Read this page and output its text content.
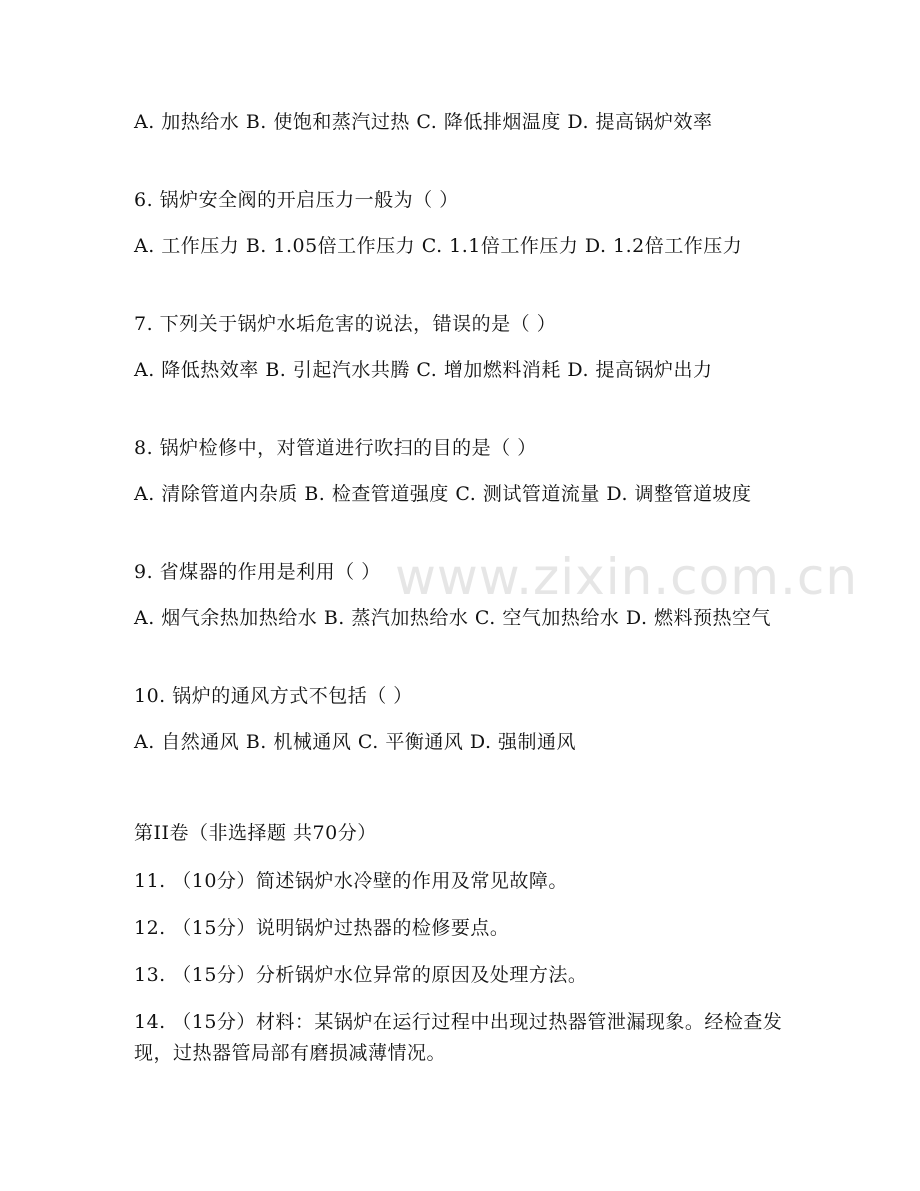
www.zixin.com.cn
A. 加热给水 B. 使饱和蒸汽过热 C. 降低排烟温度 D. 提高锅炉效率
6. 锅炉安全阀的开启压力一般为（ ）
A. 工作压力 B. 1.05倍工作压力 C. 1.1倍工作压力 D. 1.2倍工作压力
7. 下列关于锅炉水垢危害的说法，错误的是（ ）
A. 降低热效率 B. 引起汽水共腾 C. 增加燃料消耗 D. 提高锅炉出力
8. 锅炉检修中，对管道进行吹扫的目的是（ ）
A. 清除管道内杂质 B. 检查管道强度 C. 测试管道流量 D. 调整管道坡度
9. 省煤器的作用是利用（ ）
A. 烟气余热加热给水 B. 蒸汽加热给水 C. 空气加热给水 D. 燃料预热空气
10. 锅炉的通风方式不包括（ ）
A. 自然通风 B. 机械通风 C. 平衡通风 D. 强制通风
第II卷（非选择题 共70分）
11. （10分）简述锅炉水冷壁的作用及常见故障。
12. （15分）说明锅炉过热器的检修要点。
13. （15分）分析锅炉水位异常的原因及处理方法。
14. （15分）材料：某锅炉在运行过程中出现过热器管泄漏现象。经检查发现，过热器管局部有磨损减薄情况。
